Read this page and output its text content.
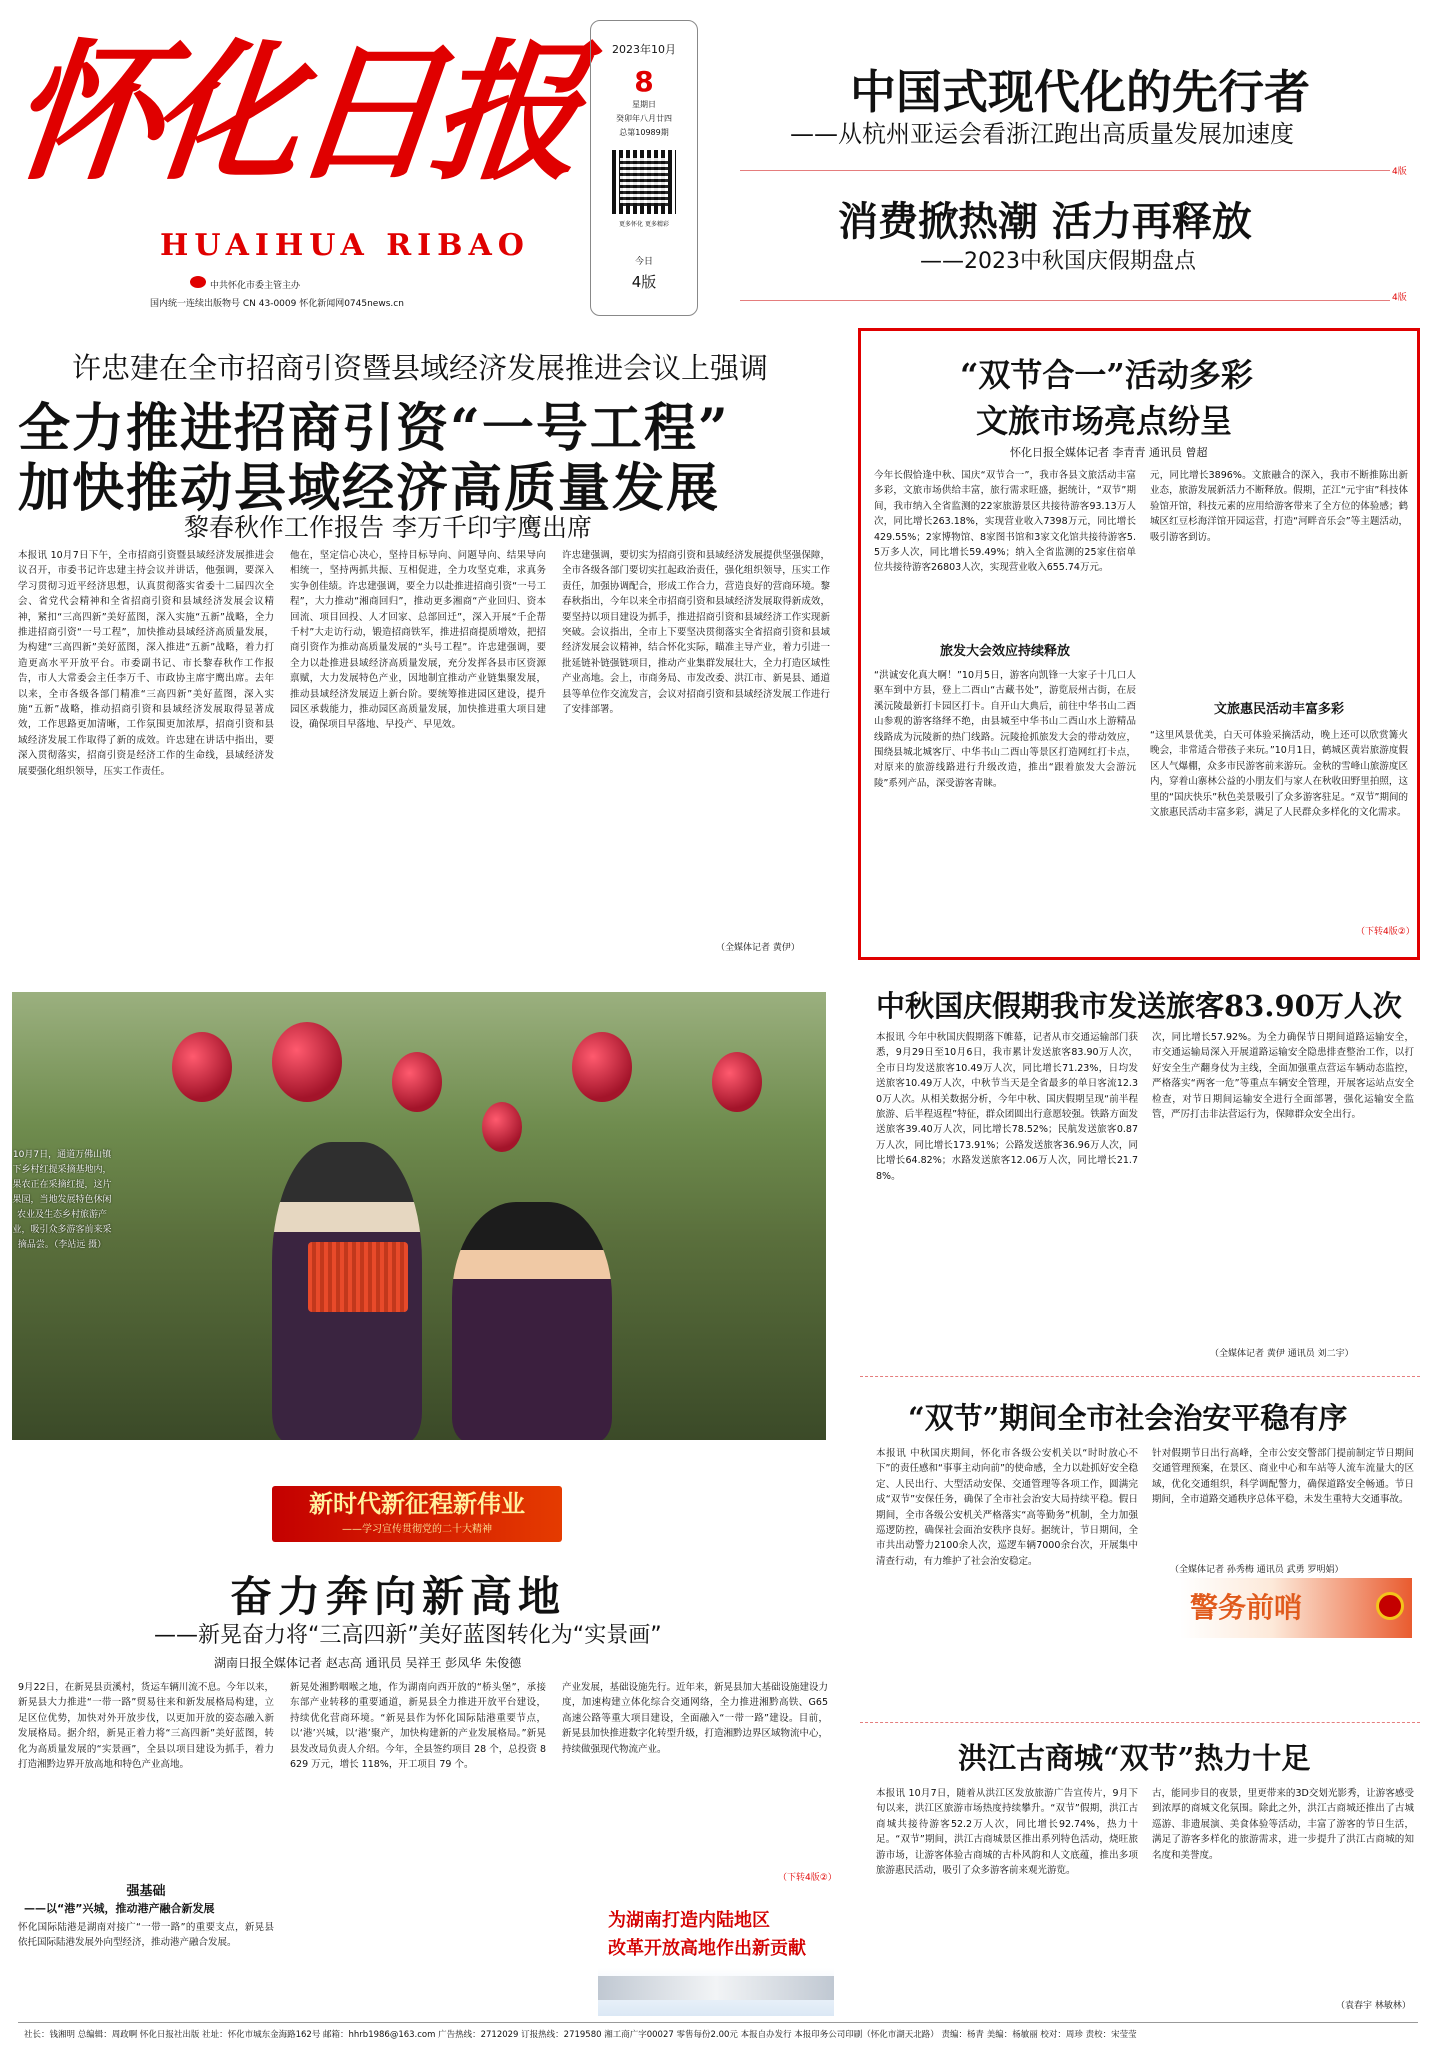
怀化日报
HUAIHUA RIBAO
中共怀化市委主管主办
国内统一连续出版物号 CN 43-0009 怀化新闻网0745news.cn
2023年10月
8
星期日
癸卯年八月廿四
总第10989期
更多怀化 更多精彩
今日
4版
中国式现代化的先行者
——从杭州亚运会看浙江跑出高质量发展加速度
4版
消费掀热潮 活力再释放
——2023中秋国庆假期盘点
4版
许忠建在全市招商引资暨县域经济发展推进会议上强调
全力推进招商引资“一号工程”
加快推动县域经济高质量发展
黎春秋作工作报告 李万千印宇鹰出席
本报讯 10月7日下午，全市招商引资暨县域经济发展推进会议召开，市委书记许忠建主持会议并讲话，他强调，要深入学习贯彻习近平经济思想，认真贯彻落实省委十二届四次全会、省党代会精神和全省招商引资和县域经济发展会议精神，紧扣“三高四新”美好蓝图，深入实施“五新”战略，全力推进招商引资“一号工程”，加快推动县域经济高质量发展，为构建“三高四新”美好蓝图，深入推进“五新”战略，着力打造更高水平开放平台。市委副书记、市长黎春秋作工作报告，市人大常委会主任李万千、市政协主席宇鹰出席。去年以来，全市各级各部门精准“三高四新”美好蓝图，深入实施“五新”战略，推动招商引资和县域经济发展取得显著成效，工作思路更加清晰，工作氛围更加浓厚，招商引资和县域经济发展工作取得了新的成效。许忠建在讲话中指出，要深入贯彻落实，招商引资是经济工作的生命线，县域经济发展要强化组织领导，压实工作责任。
他在，坚定信心决心，坚持目标导向、问题导向、结果导向相统一，坚持两抓共振、互相促进，全力攻坚克难，求真务实争创佳绩。许忠建强调，要全力以赴推进招商引资“一号工程”，大力推动“湘商回归”，推动更多湘商“产业回归、资本回流、项目回投、人才回家、总部回迁”，深入开展“千企帮千村”大走访行动，锻造招商铁军，推进招商提质增效，把招商引资作为推动高质量发展的“头号工程”。许忠建强调，要全力以赴推进县域经济高质量发展，充分发挥各县市区资源禀赋，大力发展特色产业，因地制宜推动产业链集聚发展，推动县域经济发展迈上新台阶。要统筹推进园区建设，提升园区承载能力，推动园区高质量发展，加快推进重大项目建设，确保项目早落地、早投产、早见效。
许忠建强调，要切实为招商引资和县域经济发展提供坚强保障，全市各级各部门要切实扛起政治责任，强化组织领导，压实工作责任，加强协调配合，形成工作合力，营造良好的营商环境。黎春秋指出，今年以来全市招商引资和县域经济发展取得新成效，要坚持以项目建设为抓手，推进招商引资和县域经济工作实现新突破。会议指出，全市上下要坚决贯彻落实全省招商引资和县域经济发展会议精神，结合怀化实际，瞄准主导产业，着力引进一批延链补链强链项目，推动产业集群发展壮大，全力打造区域性产业高地。会上，市商务局、市发改委、洪江市、新晃县、通道县等单位作交流发言，会议对招商引资和县域经济发展工作进行了安排部署。
（全媒体记者 黄伊）
“双节合一”活动多彩
文旅市场亮点纷呈
怀化日报全媒体记者 李青青 通讯员 曾超
今年长假恰逢中秋、国庆“双节合一”，我市各县文旅活动丰富多彩，文旅市场供给丰富，旅行需求旺盛，据统计，“双节”期间，我市纳入全省监测的22家旅游景区共接待游客93.13万人次，同比增长263.18%，实现营业收入7398万元，同比增长429.55%；2家博物馆、8家图书馆和3家文化馆共接待游客5.5万多人次，同比增长59.49%；纳入全省监测的25家住宿单位共接待游客26803人次，实现营业收入655.74万元。
旅发大会效应持续释放
“洪诚安化真大啊！”10月5日，游客向凯锋一大家子十几口人驱车到中方县，登上二酉山“古藏书处”，游览辰州古街，在辰溪沅陵最新打卡园区打卡。自开山大典后，前往中华书山二酉山参观的游客络绎不绝，由县城至中华书山二酉山水上游精品线路成为沅陵新的热门线路。沅陵抢抓旅发大会的带动效应，围绕县城北城客厅、中华书山二酉山等景区打造网红打卡点，对原来的旅游线路进行升级改造，推出“跟着旅发大会游沅陵”系列产品，深受游客青睐。
元，同比增长3896%。文旅融合的深入，我市不断推陈出新业态，旅游发展新活力不断释放。假期，芷江“元宇宙”科技体验馆开馆，科技元素的应用给游客带来了全方位的体验感；鹤城区红豆杉海洋馆开园运营，打造“河畔音乐会”等主题活动，吸引游客到访。
文旅惠民活动丰富多彩
“这里风景优美，白天可体验采摘活动，晚上还可以欣赏篝火晚会，非常适合带孩子来玩。”10月1日，鹤城区黄岩旅游度假区人气爆棚，众多市民游客前来游玩。金秋的雪峰山旅游度区内，穿着山寨林公益的小朋友们与家人在秋收田野里拍照，这里的“国庆快乐”秋色美景吸引了众多游客驻足。“双节”期间的文旅惠民活动丰富多彩，满足了人民群众多样化的文化需求。
（下转4版②）
10月7日，通道万佛山镇下乡村红提采摘基地内，果农正在采摘红提，这片果园，当地发展特色休闲农业及生态乡村旅游产业，吸引众多游客前来采摘品尝。（李站远 摄）
中秋国庆假期我市发送旅客83.90万人次
本报讯 今年中秋国庆假期落下帷幕，记者从市交通运输部门获悉，9月29日至10月6日，我市累计发送旅客83.90万人次，全市日均发送旅客10.49万人次，同比增长71.23%，日均发送旅客10.49万人次，中秋节当天是全省最多的单日客流12.30万人次。从相关数据分析，今年中秋、国庆假期呈现“前半程旅游、后半程返程”特征，群众团圆出行意愿较强。铁路方面发送旅客39.40万人次，同比增长78.52%；民航发送旅客0.87万人次，同比增长173.91%；公路发送旅客36.96万人次，同比增长64.82%；水路发送旅客12.06万人次，同比增长21.78%。
次，同比增长57.92%。为全力确保节日期间道路运输安全，市交通运输局深入开展道路运输安全隐患排查整治工作，以打好安全生产翻身仗为主线，全面加强重点营运车辆动态监控，严格落实“两客一危”等重点车辆安全管理，开展客运站点安全检查，对节日期间运输安全进行全面部署，强化运输安全监管，严厉打击非法营运行为，保障群众安全出行。
（全媒体记者 黄伊 通讯员 刘二宇）
“双节”期间全市社会治安平稳有序
本报讯 中秋国庆期间，怀化市各级公安机关以“时时放心不下”的责任感和“事事主动向前”的使命感，全力以赴抓好安全稳定、人民出行、大型活动安保、交通管理等各项工作，圆满完成“双节”安保任务，确保了全市社会治安大局持续平稳。假日期间，全市各级公安机关严格落实“高等勤务”机制，全力加强巡逻防控，确保社会面治安秩序良好。据统计，节日期间，全市共出动警力2100余人次，巡逻车辆7000余台次，开展集中清查行动，有力维护了社会治安稳定。
针对假期节日出行高峰，全市公安交警部门提前制定节日期间交通管理预案，在景区、商业中心和车站等人流车流量大的区域，优化交通组织，科学调配警力，确保道路安全畅通。节日期间，全市道路交通秩序总体平稳，未发生重特大交通事故。
（全媒体记者 孙秀梅 通讯员 武勇 罗明娟）
警务前哨
洪江古商城“双节”热力十足
本报讯 10月7日，随着从洪江区发放旅游广告宣传片，9月下旬以来，洪江区旅游市场热度持续攀升。“双节”假期，洪江古商城共接待游客52.2万人次，同比增长92.74%，热力十足。“双节”期间，洪江古商城景区推出系列特色活动，烧旺旅游市场，让游客体验古商城的古朴风韵和人文底蕴，推出多项旅游惠民活动，吸引了众多游客前来观光游览。
古，能同步目的夜景，里更带来的3D交划光影秀，让游客感受到浓厚的商城文化氛围。除此之外，洪江古商城还推出了古城巡游、非遗展演、美食体验等活动，丰富了游客的节日生活，满足了游客多样化的旅游需求，进一步提升了洪江古商城的知名度和美誉度。
（袁春宇 林敏林）
新时代新征程新伟业
——学习宣传贯彻党的二十大精神
奋力奔向新高地
——新晃奋力将“三高四新”美好蓝图转化为“实景画”
湖南日报全媒体记者 赵志高 通讯员 吴祥王 彭凤华 朱俊德
9月22日，在新晃县贡溪村，货运车辆川流不息。今年以来，新晃县大力推进“一带一路”贸易往来和新发展格局构建，立足区位优势，加快对外开放步伐，以更加开放的姿态融入新发展格局。据介绍，新晃正着力将“三高四新”美好蓝图，转化为高质量发展的“实景画”，全县以项目建设为抓手，着力打造湘黔边界开放高地和特色产业高地。
强基础
——以“港”兴城，推动港产融合新发展
怀化国际陆港是湖南对接广“一带一路”的重要支点，新晃县依托国际陆港发展外向型经济，推动港产融合发展。
新晃处湘黔咽喉之地，作为湖南向西开放的“桥头堡”，承接东部产业转移的重要通道，新晃县全力推进开放平台建设，持续优化营商环境。“新晃县作为怀化国际陆港重要节点，以‘港’兴城，以‘港’聚产，加快构建新的产业发展格局。”新晃县发改局负责人介绍。今年，全县签约项目 28 个，总投资 8629 万元，增长 118%，开工项目 79 个。
产业发展，基础设施先行。近年来，新晃县加大基础设施建设力度，加速构建立体化综合交通网络，全力推进湘黔高铁、G65 高速公路等重大项目建设，全面融入“一带一路”建设。目前，新晃县加快推进数字化转型升级，打造湘黔边界区域物流中心，持续做强现代物流产业。
（下转4版②）
为湖南打造内陆地区
改革开放高地作出新贡献
社长：钱湘明 总编辑：周政啊 怀化日报社出版 社址：怀化市城东金海路162号 邮箱：hhrb1986@163.com 广告热线：2712029 订报热线：2719580 湘工商广字00027 零售每份2.00元 本报自办发行 本报印务公司印刷（怀化市湖天北路） 责编：杨青 美编：杨敏丽 校对：周珍 责校：宋莹莹
